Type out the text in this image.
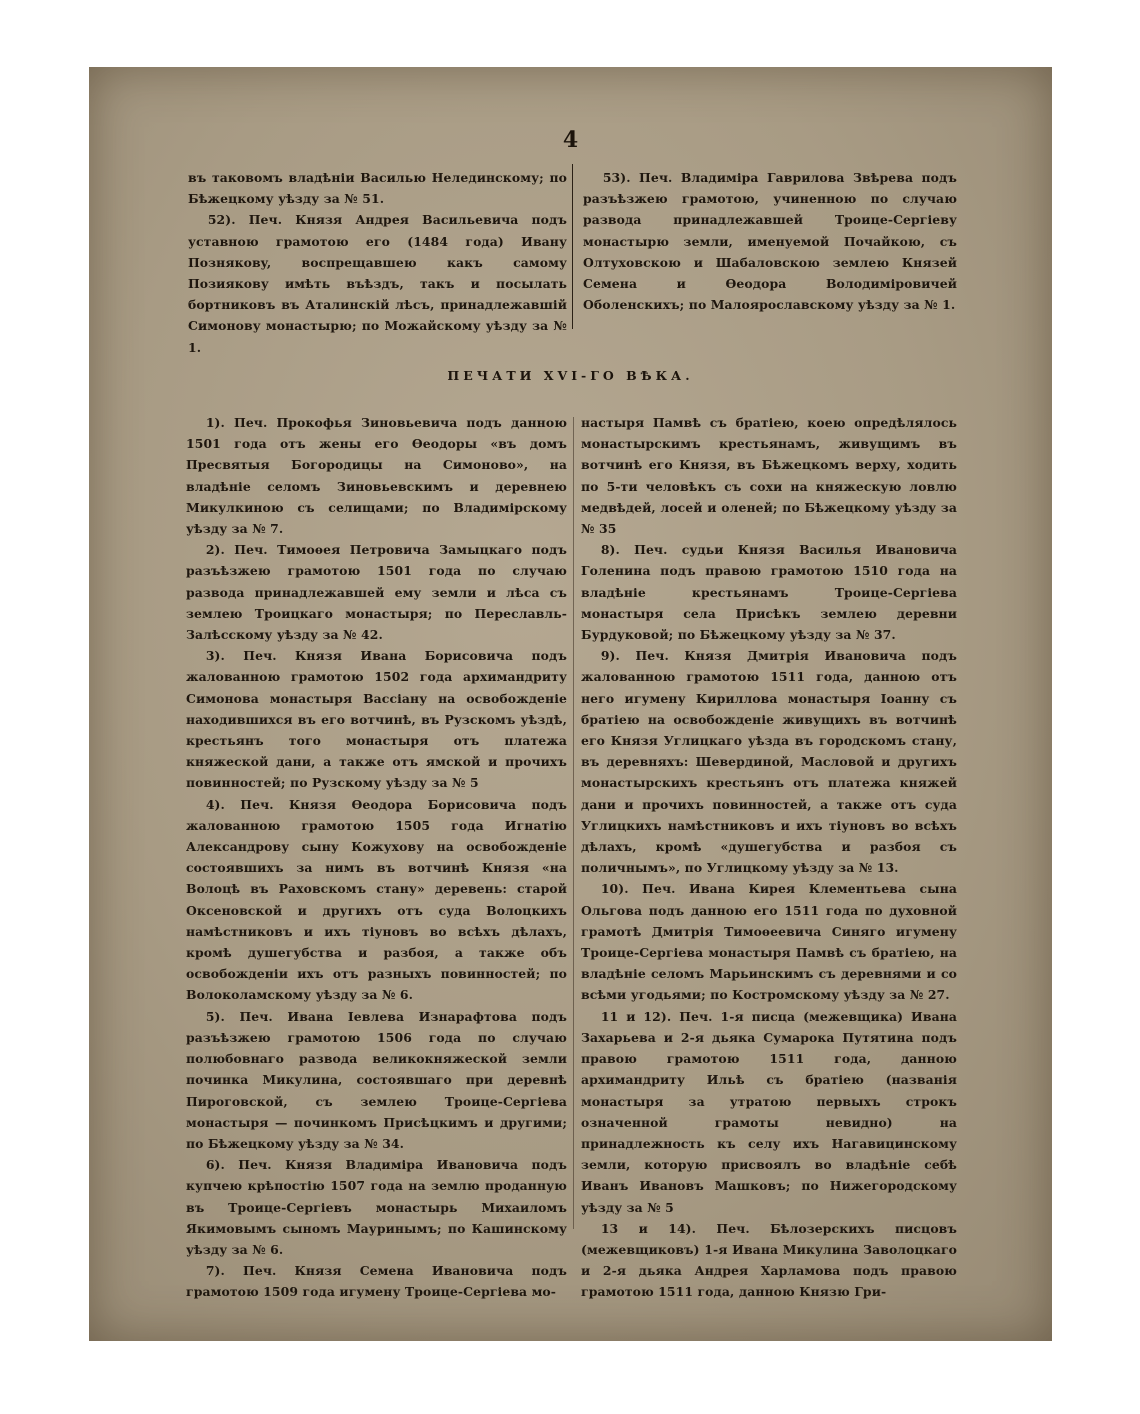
4

въ таковомъ владѣніи Василью Нелединскому; по Бѣжецкому уѣзду за № 51.

52). Печ. Князя Андрея Васильевича подъ уставною грамотою его (1484 года) Ивану Позняковy, воспрещавшею какъ самому Позиякову имѣть въѣздъ, такъ и посылать бортниковъ въ Аталинскій лѣсъ, принадлежавшій Симонову монастырю; по Можайскому уѣзду за № 1.

53). Печ. Владиміра Гавриловa Звѣрева подъ разъѣзжею грамотою, учиненною по случаю развода принадлежавшей Троице-Сергіеву монастырю земли, именуемой Почайкою, съ Олтуховскою и Шабаловскою землею Князей Семена и Ѳеодора Володиміровичей Оболенскихъ; по Малоярославскому уѣзду за № 1.

ПЕЧАТИ XVI-ГО ВѢКА.

1). Печ. Прокофья Зиновьевича подъ данною 1501 года отъ жены его Ѳеодоры «въ домъ Пресвятыя Богородицы на Симоново», на владѣніе селомъ Зиновьевскимъ и деревнею Микулкиною съ селищами; по Владимірскому уѣзду за № 7.

2). Печ. Тимоѳея Петровича Замыцкаго подъ разъѣзжею грамотою 1501 года по случаю развода принадлежавшей ему земли и лѣса съ землею Троицкаго монастыря; по Переславль-Залѣсскому уѣзду за № 42.

3). Печ. Князя Ивана Борисовича подъ жалованною грамотою 1502 года архимандриту Симонова монастыря Вассіану на освобожденіе находившихся въ его вотчинѣ, въ Рузскомъ уѣздѣ, крестьянъ того монастыря отъ платежа княжеской дани, а также отъ ямской и прочихъ повинностей; по Рузскому уѣзду за № 5

4). Печ. Князя Ѳеодора Борисовича подъ жалованною грамотою 1505 года Игнатію Александрову сыну Кожухову на освобожденіе состоявшихъ за нимъ въ вотчинѣ Князя «на Волоцѣ въ Раховскомъ стану» деревень: старой Оксеновской и другихъ отъ суда Волоцкихъ намѣстниковъ и ихъ тіуновъ во всѣхъ дѣлахъ, кромѣ душегубства и разбоя, а также объ освобожденіи ихъ отъ разныхъ повинностей; по Волоколамскому уѣзду за № 6.

5). Печ. Ивана Іевлева Изнарафтова подъ разъѣзжею грамотою 1506 года по случаю полюбовнаго развода великокняжеской земли починка Микулина, состоявшаго при деревнѣ Пироговской, съ землею Троице-Сергіева монастыря — починкомъ Присѣцкимъ и другими; по Бѣжецкому уѣзду за № 34.

6). Печ. Князя Владиміра Ивановича подъ купчею крѣпостію 1507 года на землю проданную въ Троице-Сергіевъ монастырь Михаиломъ Якимовымъ сыномъ Мауринымъ; по Кашинскому уѣзду за № 6.

7). Печ. Князя Семена Ивановича подъ грамотою 1509 года игумену Троице-Сергіева мо-

настыря Памвѣ съ братіею, коею опредѣлялось монастырскимъ крестьянамъ, живущимъ въ вотчинѣ его Князя, въ Бѣжецкомъ верху, ходить по 5-ти человѣкъ съ сохи на княжескую ловлю медвѣдей, лосей и оленей; по Бѣжецкому уѣзду за № 35

8). Печ. судьи Князя Василья Ивановича Голенина подъ правою грамотою 1510 года на владѣніе крестьянамъ Троице-Сергіева монастыря села Присѣкъ землею деревни Бурдуковой; по Бѣжецкому уѣзду за № 37.

9). Печ. Князя Дмитрія Ивановича подъ жалованною грамотою 1511 года, данною отъ него игумену Кириллова монастыря Іоанну съ братіею на освобожденіе живущихъ въ вотчинѣ его Князя Углицкаго уѣзда въ городскомъ стану, въ деревняхъ: Шевердиной, Масловой и другихъ монастырскихъ крестьянъ отъ платежа княжей дани и прочихъ повинностей, а также отъ суда Углицкихъ намѣстниковъ и ихъ тіуновъ во всѣхъ дѣлахъ, кромѣ «душегубства и разбоя съ поличнымъ», по Углицкому уѣзду за № 13.

10). Печ. Ивана Кирея Клементьева сына Ольгова подъ данною его 1511 года по духовной грамотѣ Дмитрія Тимоѳеевича Синяго игумену Троице-Сергіева монастыря Памвѣ съ братіею, на владѣніе селомъ Марьинскимъ съ деревнями и со всѣми угодьями; по Костромскому уѣзду за № 27.

11 и 12). Печ. 1-я писца (межевщика) Ивана Захарьева и 2-я дьяка Сумарока Путятина подъ правою грамотою 1511 года, данною архимандриту Ильѣ съ братіею (названія монастыря за утратою первыхъ строкъ означенной грамоты невидно) на принадлежность къ селу ихъ Нагавицинскому земли, которую присвоялъ во владѣніе себѣ Иванъ Ивановъ Машковъ; по Нижегородскому уѣзду за № 5

13 и 14). Печ. Бѣлозерскихъ писцовъ (межевщиковъ) 1-я Ивана Микулина Заволоцкаго и 2-я дьяка Андрея Харламова подъ правою грамотою 1511 года, данною Князю Гри-
